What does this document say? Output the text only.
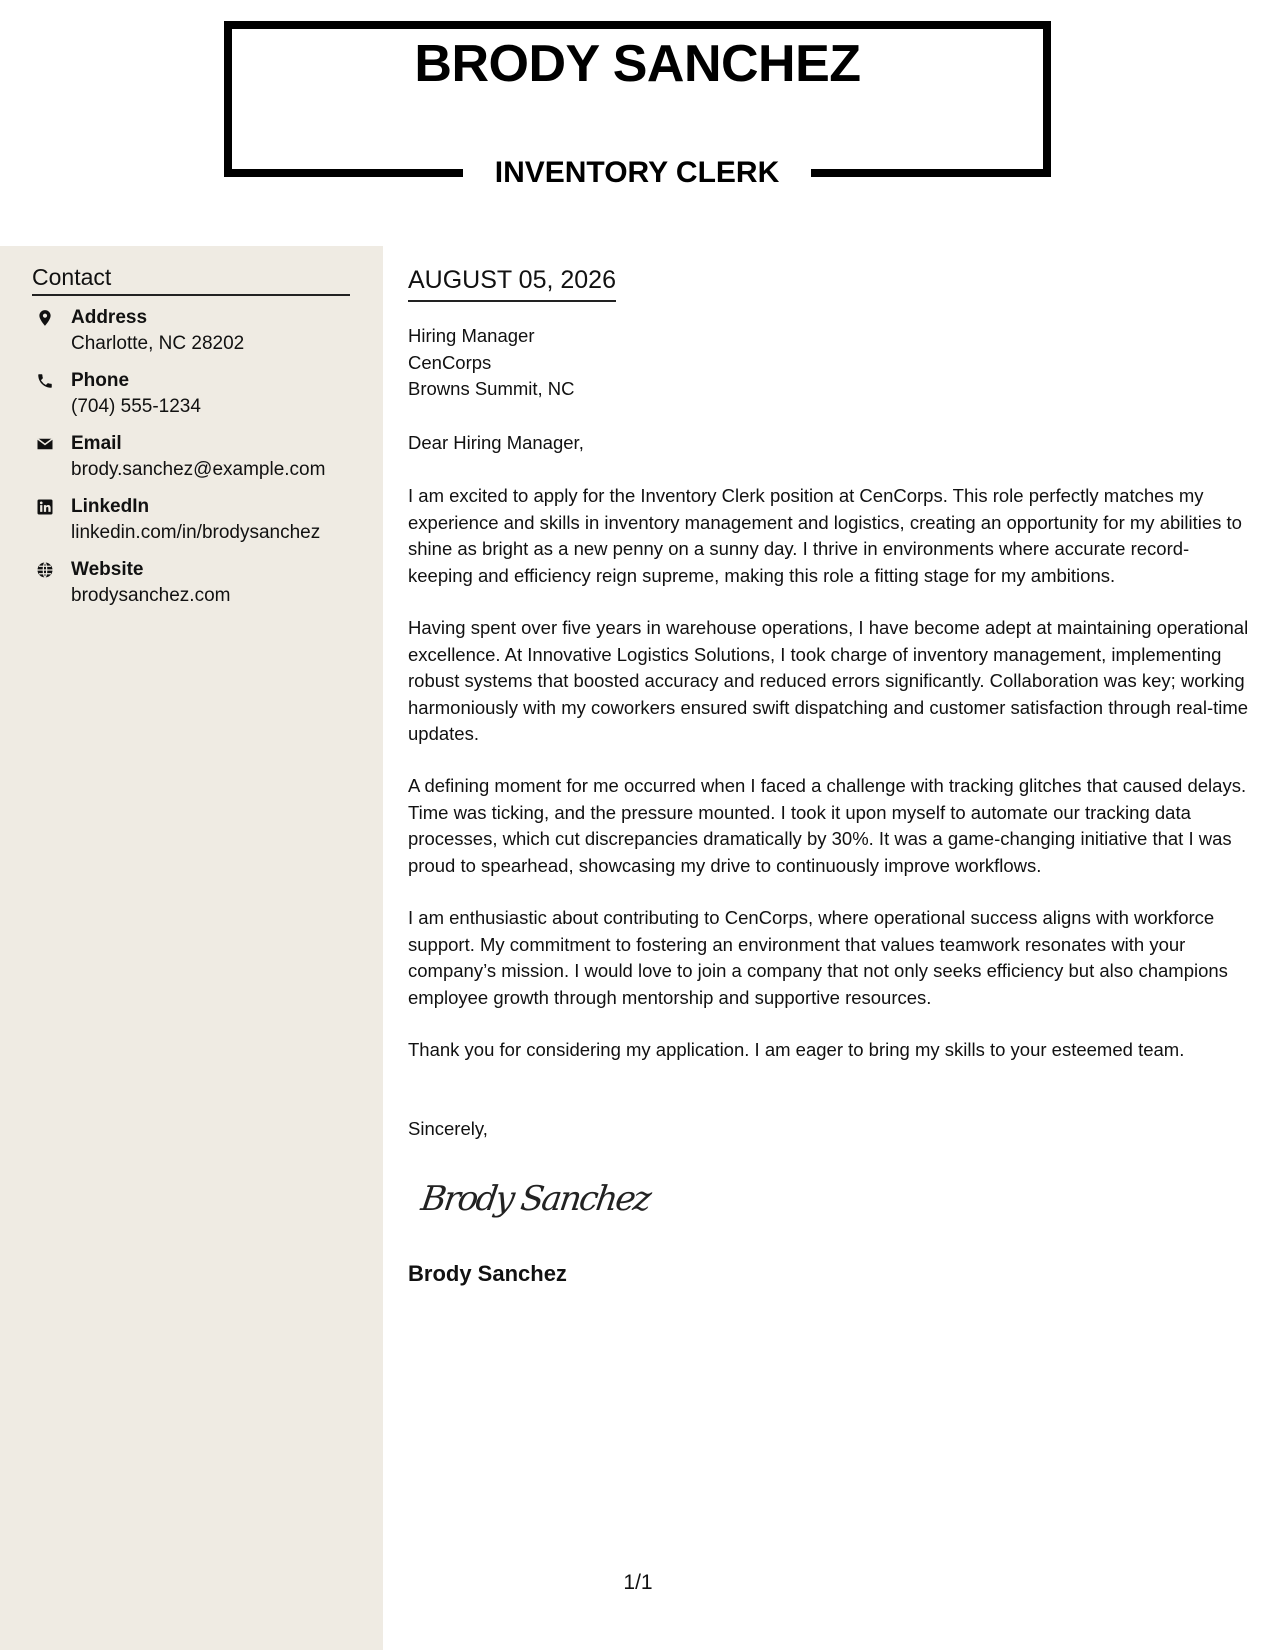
BRODY SANCHEZ
INVENTORY CLERK
Contact
Address
Charlotte, NC 28202
Phone
(704) 555-1234
Email
brody.sanchez@example.com
LinkedIn
linkedin.com/in/brodysanchez
Website
brodysanchez.com
AUGUST 05, 2026
Hiring Manager
CenCorps
Browns Summit, NC
Dear Hiring Manager,

I am excited to apply for the Inventory Clerk position at CenCorps. This role perfectly matches my experience and skills in inventory management and logistics, creating an opportunity for my abilities to shine as bright as a new penny on a sunny day. I thrive in environments where accurate record-keeping and efficiency reign supreme, making this role a fitting stage for my ambitions.

Having spent over five years in warehouse operations, I have become adept at maintaining operational excellence. At Innovative Logistics Solutions, I took charge of inventory management, implementing robust systems that boosted accuracy and reduced errors significantly. Collaboration was key; working harmoniously with my coworkers ensured swift dispatching and customer satisfaction through real-time updates.

A defining moment for me occurred when I faced a challenge with tracking glitches that caused delays. Time was ticking, and the pressure mounted. I took it upon myself to automate our tracking data processes, which cut discrepancies dramatically by 30%. It was a game-changing initiative that I was proud to spearhead, showcasing my drive to continuously improve workflows.

I am enthusiastic about contributing to CenCorps, where operational success aligns with workforce support. My commitment to fostering an environment that values teamwork resonates with your company’s mission. I would love to join a company that not only seeks efficiency but also champions employee growth through mentorship and supportive resources.

Thank you for considering my application. I am eager to bring my skills to your esteemed team.

Sincerely,
Brody Sanchez
Brody Sanchez
1/1
